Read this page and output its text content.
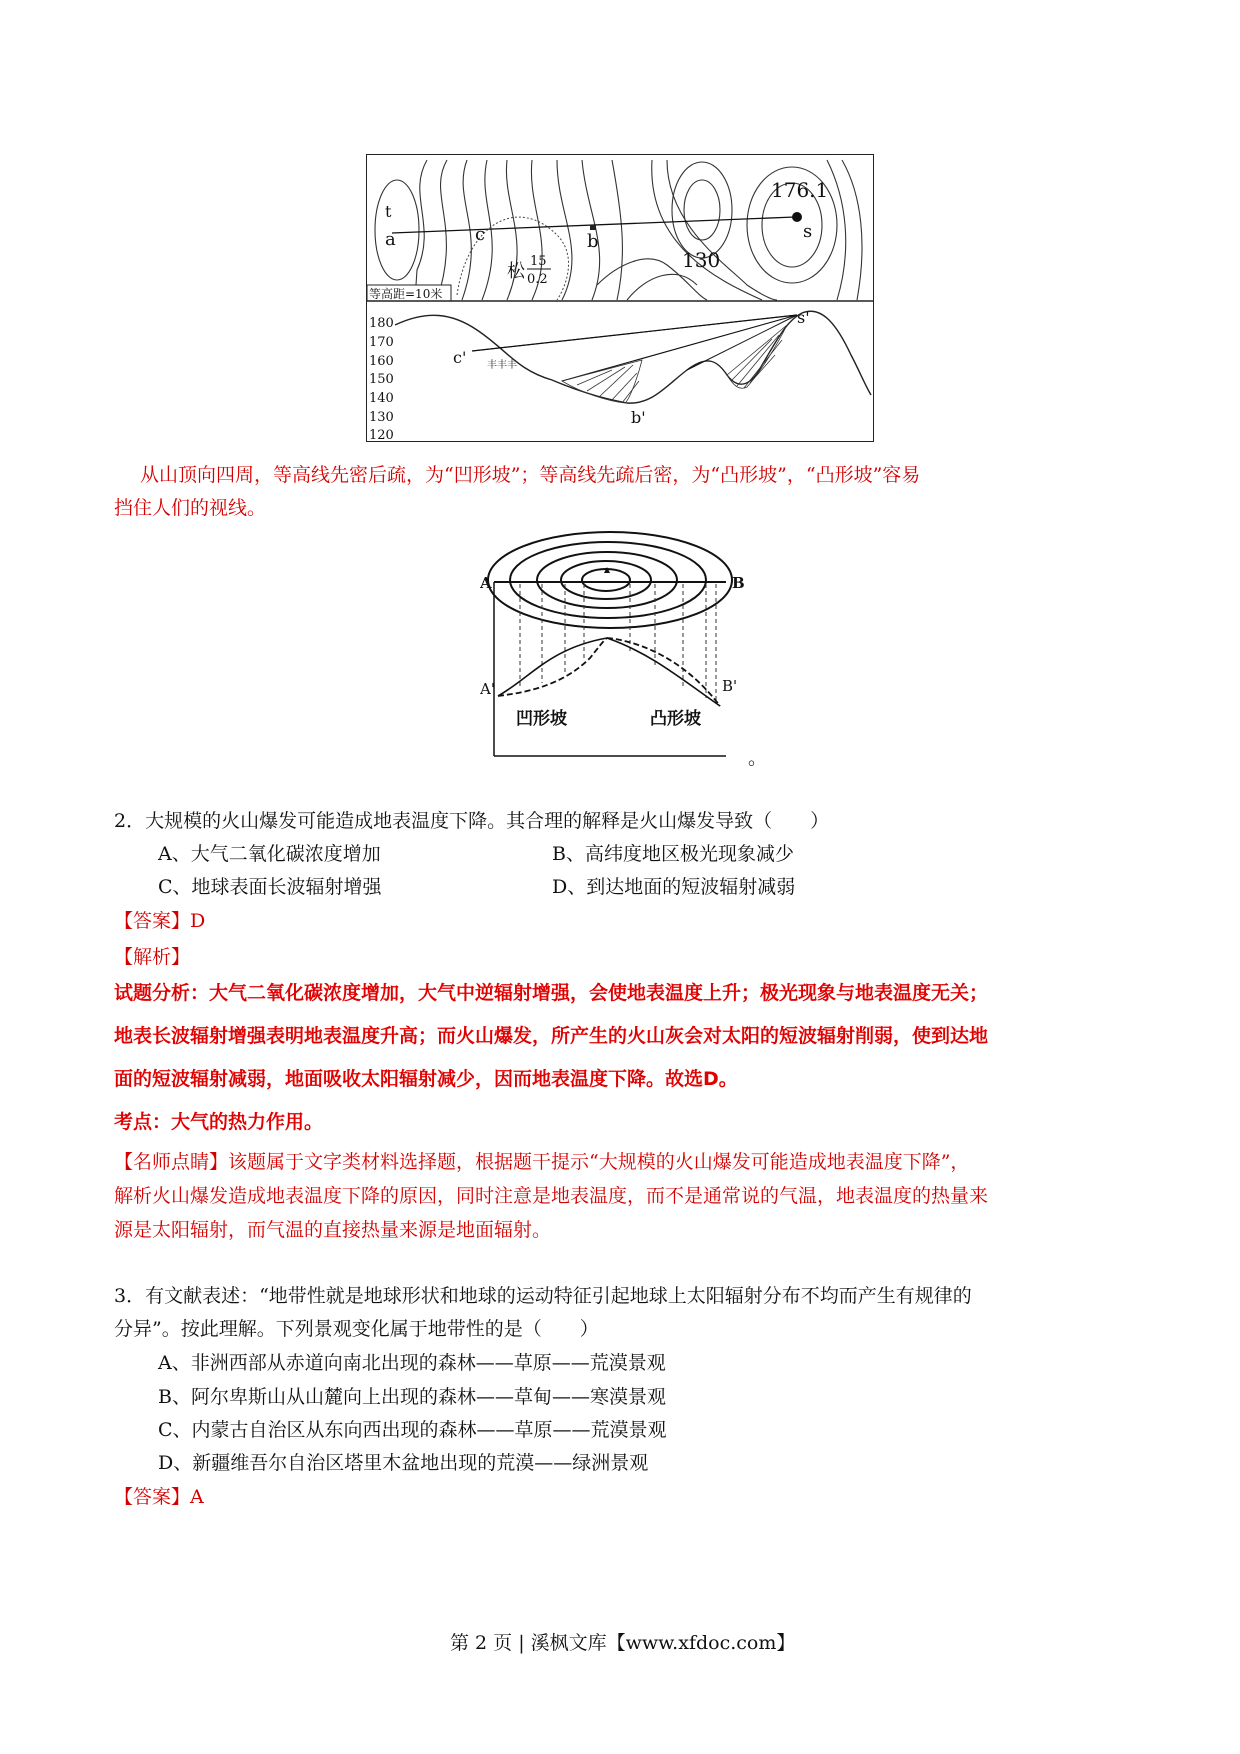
a
t
c	b	s
176.1
130
松 15
0.2
等高距=10米
180
170
160
150
140
130
120
丰 丰 丰
c'
b'
s'
从山顶向四周，等高线先密后疏，为“凹形坡”；等高线先疏后密，为“凸形坡”，“凸形坡”容易
挡住人们的视线。
A	B
A'	B'
凹形坡	凸形坡
。
2．大规模的火山爆发可能造成地表温度下降。其合理的解释是火山爆发导致（　　）
A、大气二氧化碳浓度增加	B、高纬度地区极光现象减少
C、地球表面长波辐射增强	D、到达地面的短波辐射减弱
【答案】D
【解析】
试题分析：大气二氧化碳浓度增加，大气中逆辐射增强，会使地表温度上升；极光现象与地表温度无关；
地表长波辐射增强表明地表温度升高；而火山爆发，所产生的火山灰会对太阳的短波辐射削弱，使到达地
面的短波辐射减弱，地面吸收太阳辐射减少，因而地表温度下降。故选D。
考点：大气的热力作用。
【名师点睛】该题属于文字类材料选择题，根据题干提示“大规模的火山爆发可能造成地表温度下降”，
解析火山爆发造成地表温度下降的原因，同时注意是地表温度，而不是通常说的气温，地表温度的热量来
源是太阳辐射，而气温的直接热量来源是地面辐射。
3．有文献表述：“地带性就是地球形状和地球的运动特征引起地球上太阳辐射分布不均而产生有规律的
分异”。按此理解。下列景观变化属于地带性的是（　　）
A、非洲西部从赤道向南北出现的森林——草原——荒漠景观
B、阿尔卑斯山从山麓向上出现的森林——草甸——寒漠景观
C、内蒙古自治区从东向西出现的森林——草原——荒漠景观
D、新疆维吾尔自治区塔里木盆地出现的荒漠——绿洲景观
【答案】A
第 2 页 | 溪枫文库【www.xfdoc.com】
